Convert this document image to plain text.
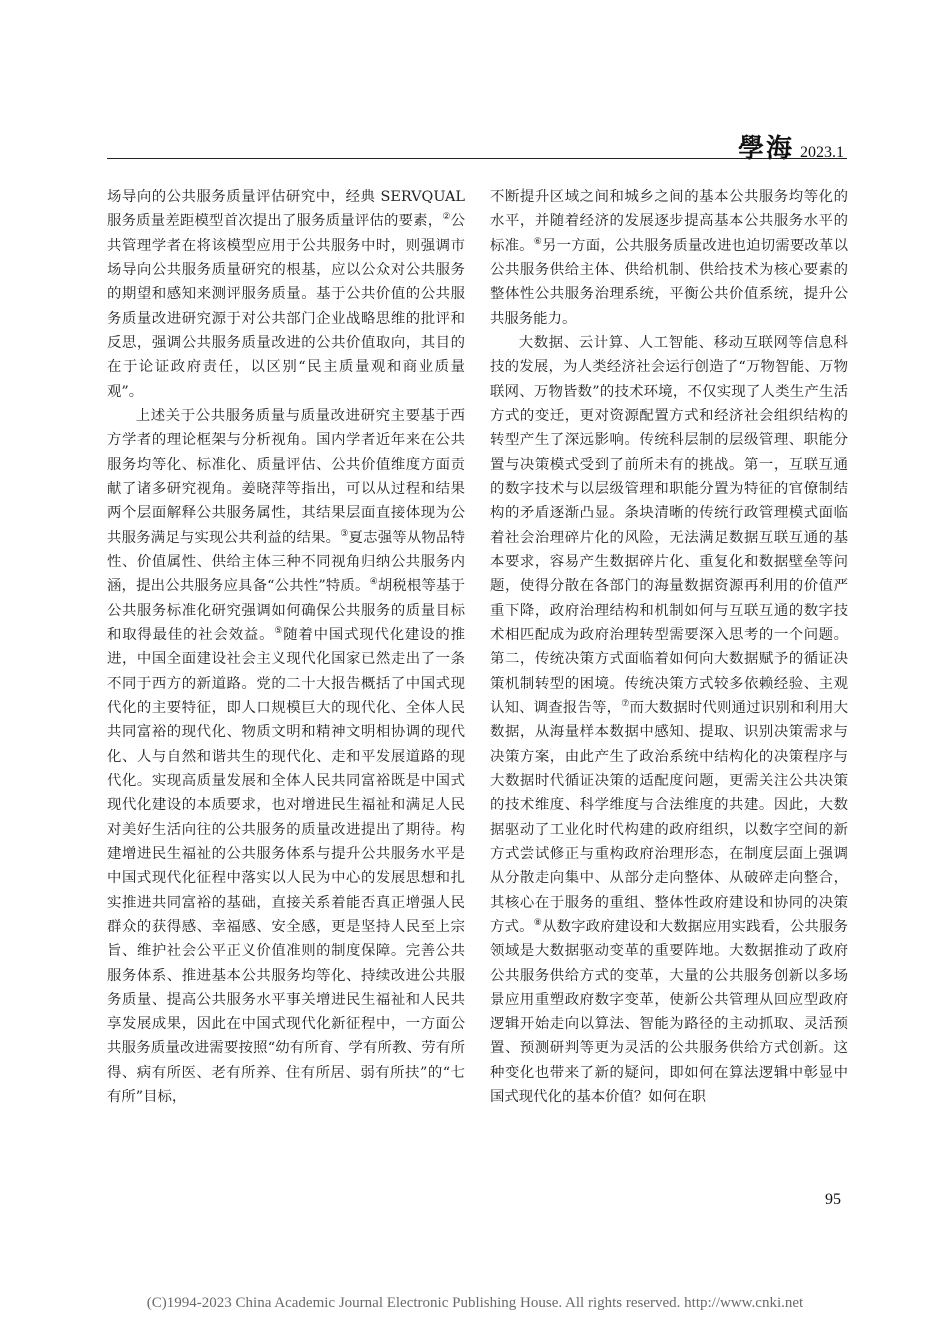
學海 2023.1

场导向的公共服务质量评估研究中，经典 SERVQUAL 服务质量差距模型首次提出了服务质量评估的要素，②公共管理学者在将该模型应用于公共服务中时，则强调市场导向公共服务质量研究的根基，应以公众对公共服务的期望和感知来测评服务质量。基于公共价值的公共服务质量改进研究源于对公共部门企业战略思维的批评和反思，强调公共服务质量改进的公共价值取向，其目的在于论证政府责任，以区别“民主质量观和商业质量观”。

上述关于公共服务质量与质量改进研究主要基于西方学者的理论框架与分析视角。国内学者近年来在公共服务均等化、标准化、质量评估、公共价值维度方面贡献了诸多研究视角。姜晓萍等指出，可以从过程和结果两个层面解释公共服务属性，其结果层面直接体现为公共服务满足与实现公共利益的结果。③夏志强等从物品特性、价值属性、供给主体三种不同视角归纳公共服务内涵，提出公共服务应具备“公共性”特质。④胡税根等基于公共服务标准化研究强调如何确保公共服务的质量目标和取得最佳的社会效益。⑤随着中国式现代化建设的推进，中国全面建设社会主义现代化国家已然走出了一条不同于西方的新道路。党的二十大报告概括了中国式现代化的主要特征，即人口规模巨大的现代化、全体人民共同富裕的现代化、物质文明和精神文明相协调的现代化、人与自然和谐共生的现代化、走和平发展道路的现代化。实现高质量发展和全体人民共同富裕既是中国式现代化建设的本质要求，也对增进民生福祉和满足人民对美好生活向往的公共服务的质量改进提出了期待。构建增进民生福祉的公共服务体系与提升公共服务水平是中国式现代化征程中落实以人民为中心的发展思想和扎实推进共同富裕的基础，直接关系着能否真正增强人民群众的获得感、幸福感、安全感，更是坚持人民至上宗旨、维护社会公平正义价值准则的制度保障。完善公共服务体系、推进基本公共服务均等化、持续改进公共服务质量、提高公共服务水平事关增进民生福祉和人民共享发展成果，因此在中国式现代化新征程中，一方面公共服务质量改进需要按照“幼有所育、学有所教、劳有所得、病有所医、老有所养、住有所居、弱有所扶”的“七有所”目标，

不断提升区域之间和城乡之间的基本公共服务均等化的水平，并随着经济的发展逐步提高基本公共服务水平的标准。⑥另一方面，公共服务质量改进也迫切需要改革以公共服务供给主体、供给机制、供给技术为核心要素的整体性公共服务治理系统，平衡公共价值系统，提升公共服务能力。

大数据、云计算、人工智能、移动互联网等信息科技的发展，为人类经济社会运行创造了“万物智能、万物联网、万物皆数”的技术环境，不仅实现了人类生产生活方式的变迁，更对资源配置方式和经济社会组织结构的转型产生了深远影响。传统科层制的层级管理、职能分置与决策模式受到了前所未有的挑战。第一，互联互通的数字技术与以层级管理和职能分置为特征的官僚制结构的矛盾逐渐凸显。条块清晰的传统行政管理模式面临着社会治理碎片化的风险，无法满足数据互联互通的基本要求，容易产生数据碎片化、重复化和数据壁垒等问题，使得分散在各部门的海量数据资源再利用的价值严重下降，政府治理结构和机制如何与互联互通的数字技术相匹配成为政府治理转型需要深入思考的一个问题。第二，传统决策方式面临着如何向大数据赋予的循证决策机制转型的困境。传统决策方式较多依赖经验、主观认知、调查报告等，⑦而大数据时代则通过识别和利用大数据，从海量样本数据中感知、提取、识别决策需求与决策方案，由此产生了政治系统中结构化的决策程序与大数据时代循证决策的适配度问题，更需关注公共决策的技术维度、科学维度与合法维度的共建。因此，大数据驱动了工业化时代构建的政府组织，以数字空间的新方式尝试修正与重构政府治理形态，在制度层面上强调从分散走向集中、从部分走向整体、从破碎走向整合，其核心在于服务的重组、整体性政府建设和协同的决策方式。⑧从数字政府建设和大数据应用实践看，公共服务领域是大数据驱动变革的重要阵地。大数据推动了政府公共服务供给方式的变革，大量的公共服务创新以多场景应用重塑政府数字变革，使新公共管理从回应型政府逻辑开始走向以算法、智能为路径的主动抓取、灵活预置、预测研判等更为灵活的公共服务供给方式创新。这种变化也带来了新的疑问，即如何在算法逻辑中彰显中国式现代化的基本价值？如何在职

95
(C)1994-2023 China Academic Journal Electronic Publishing House. All rights reserved. http://www.cnki.net
